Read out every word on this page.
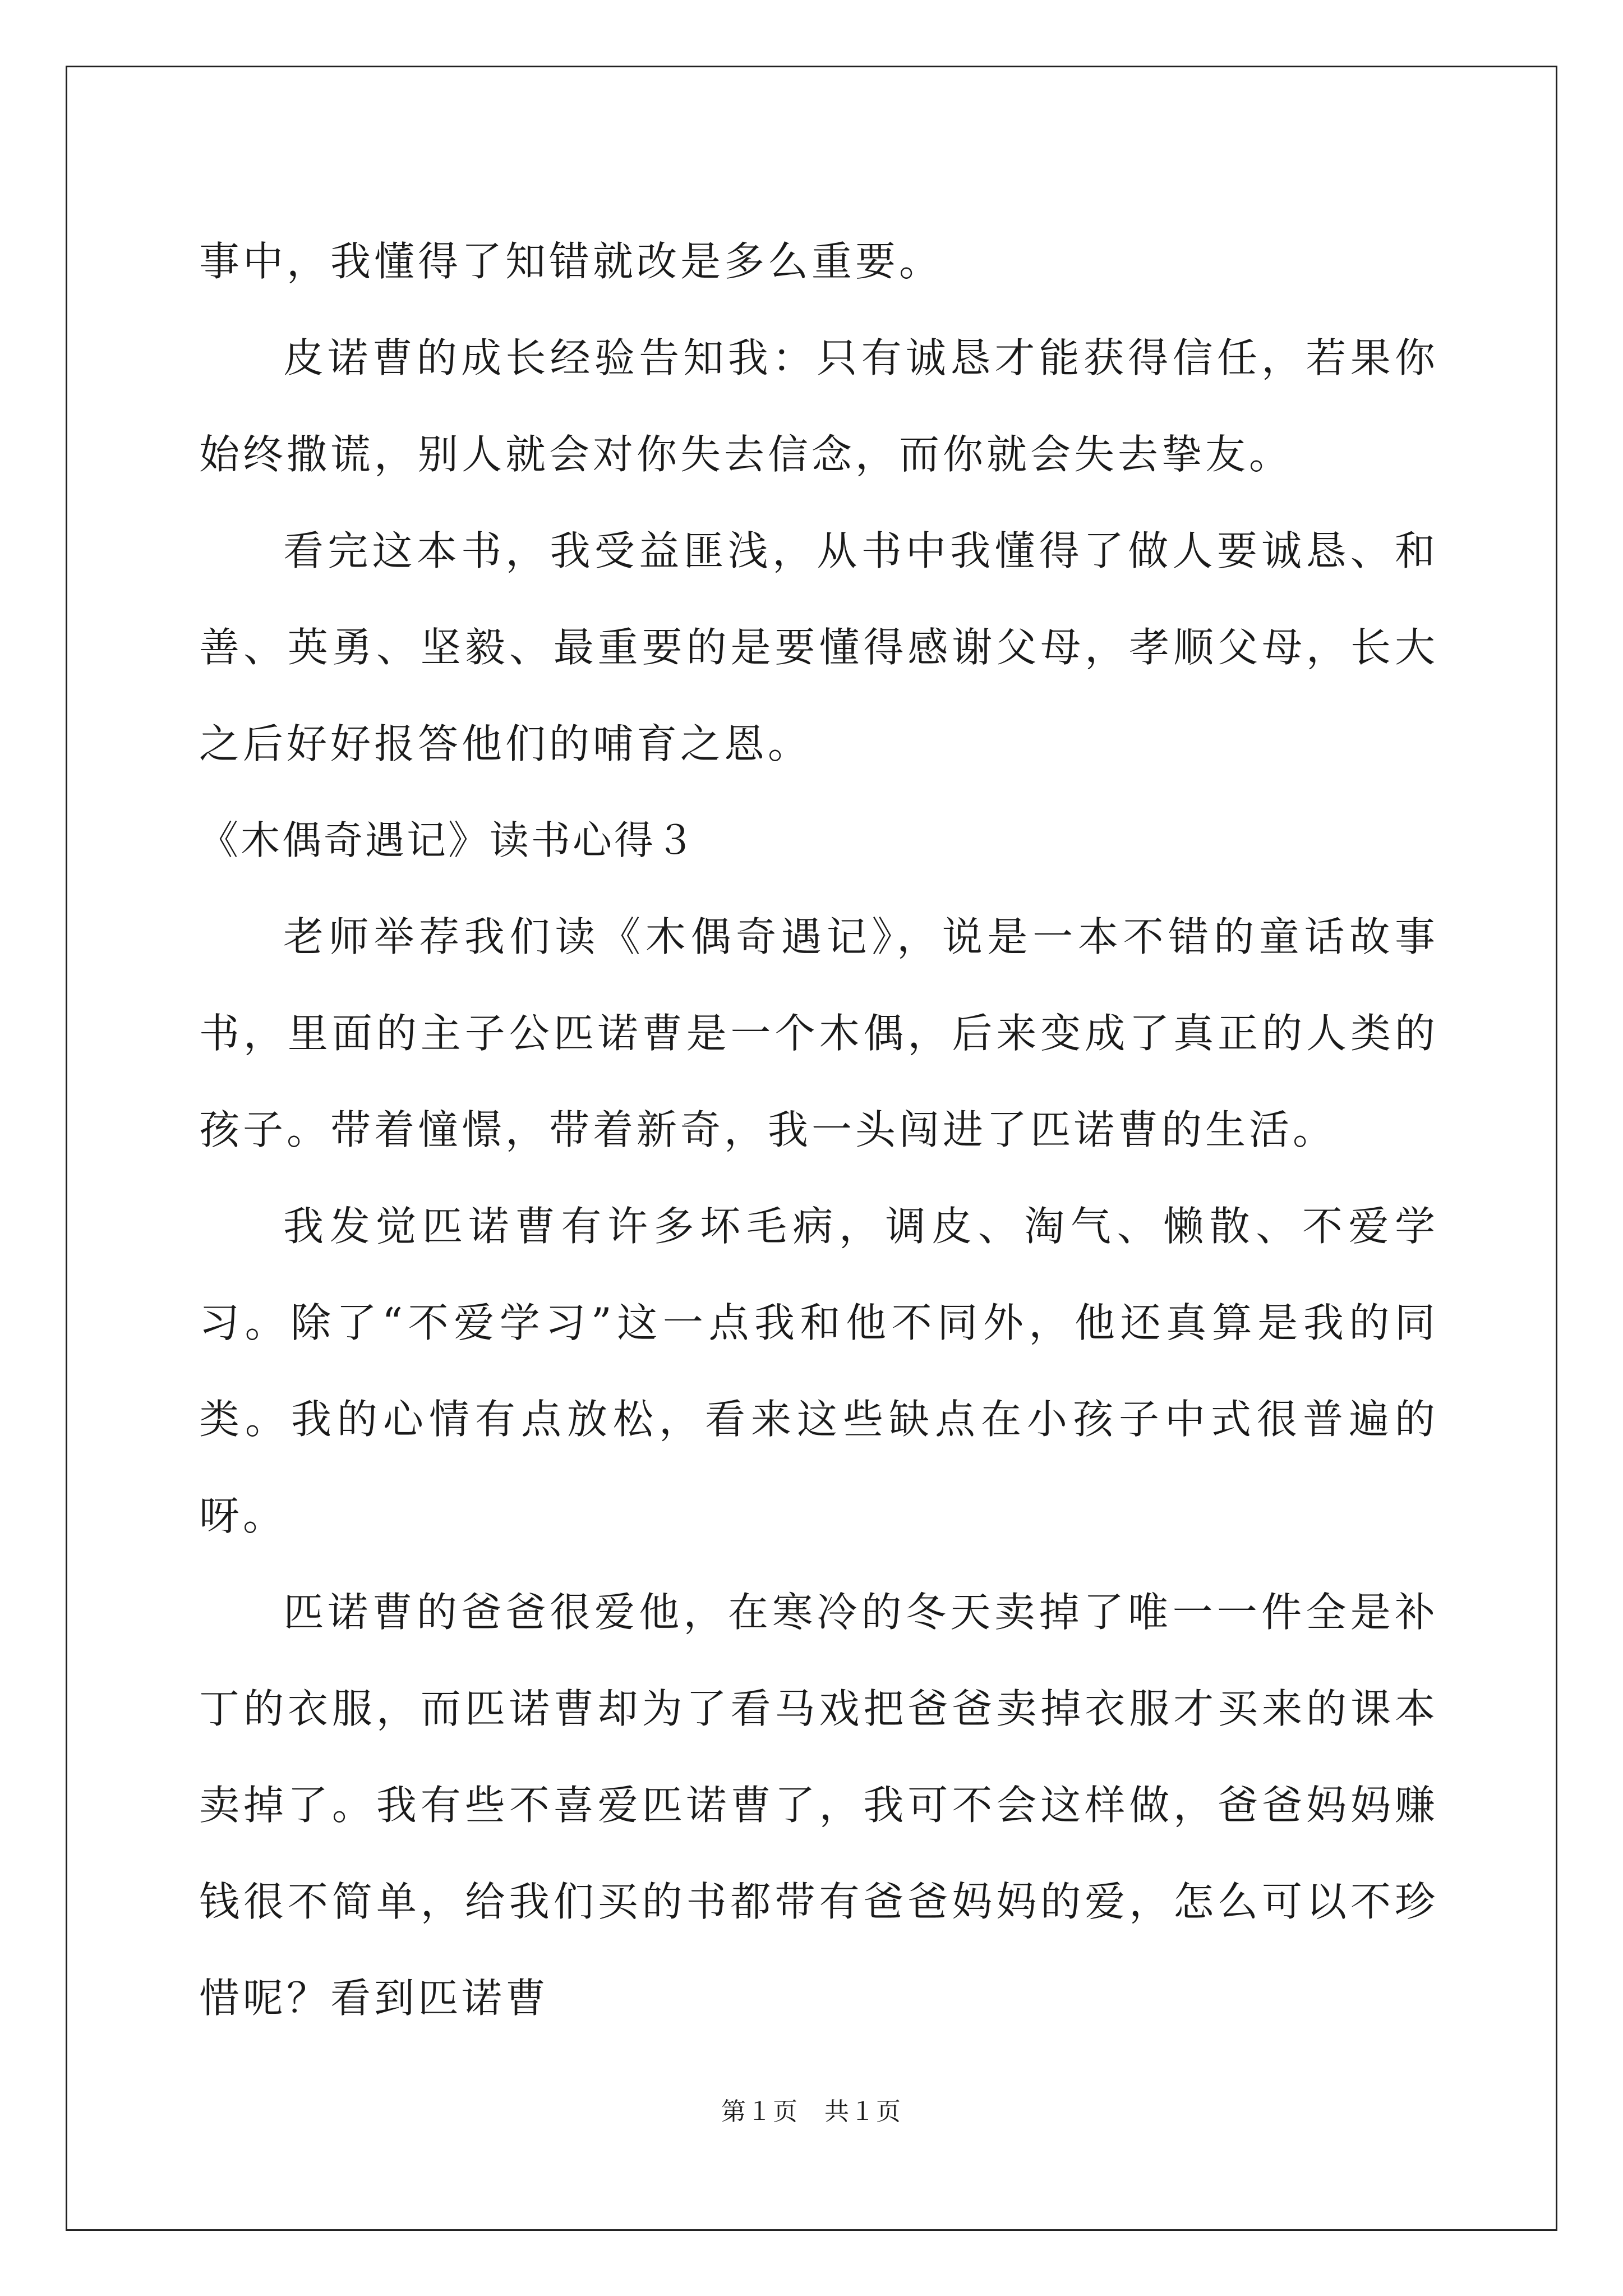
事中，我懂得了知错就改是多么重要。

皮诺曹的成长经验告知我：只有诚恳才能获得信任，若果你始终撒谎，别人就会对你失去信念，而你就会失去挚友。

看完这本书，我受益匪浅，从书中我懂得了做人要诚恳、和善、英勇、坚毅、最重要的是要懂得感谢父母，孝顺父母，长大之后好好报答他们的哺育之恩。

《木偶奇遇记》读书心得３

老师举荐我们读《木偶奇遇记》，说是一本不错的童话故事书，里面的主子公匹诺曹是一个木偶，后来变成了真正的人类的孩子。带着憧憬，带着新奇，我一头闯进了匹诺曹的生活。

我发觉匹诺曹有许多坏毛病，调皮、淘气、懒散、不爱学习。除了“不爱学习”这一点我和他不同外，他还真算是我的同类。我的心情有点放松，看来这些缺点在小孩子中式很普遍的呀。

匹诺曹的爸爸很爱他，在寒冷的冬天卖掉了唯一一件全是补丁的衣服，而匹诺曹却为了看马戏把爸爸卖掉衣服才买来的课本卖掉了。我有些不喜爱匹诺曹了，我可不会这样做，爸爸妈妈赚钱很不简单，给我们买的书都带有爸爸妈妈的爱，怎么可以不珍惜呢？看到匹诺曹

第１页　共１页
